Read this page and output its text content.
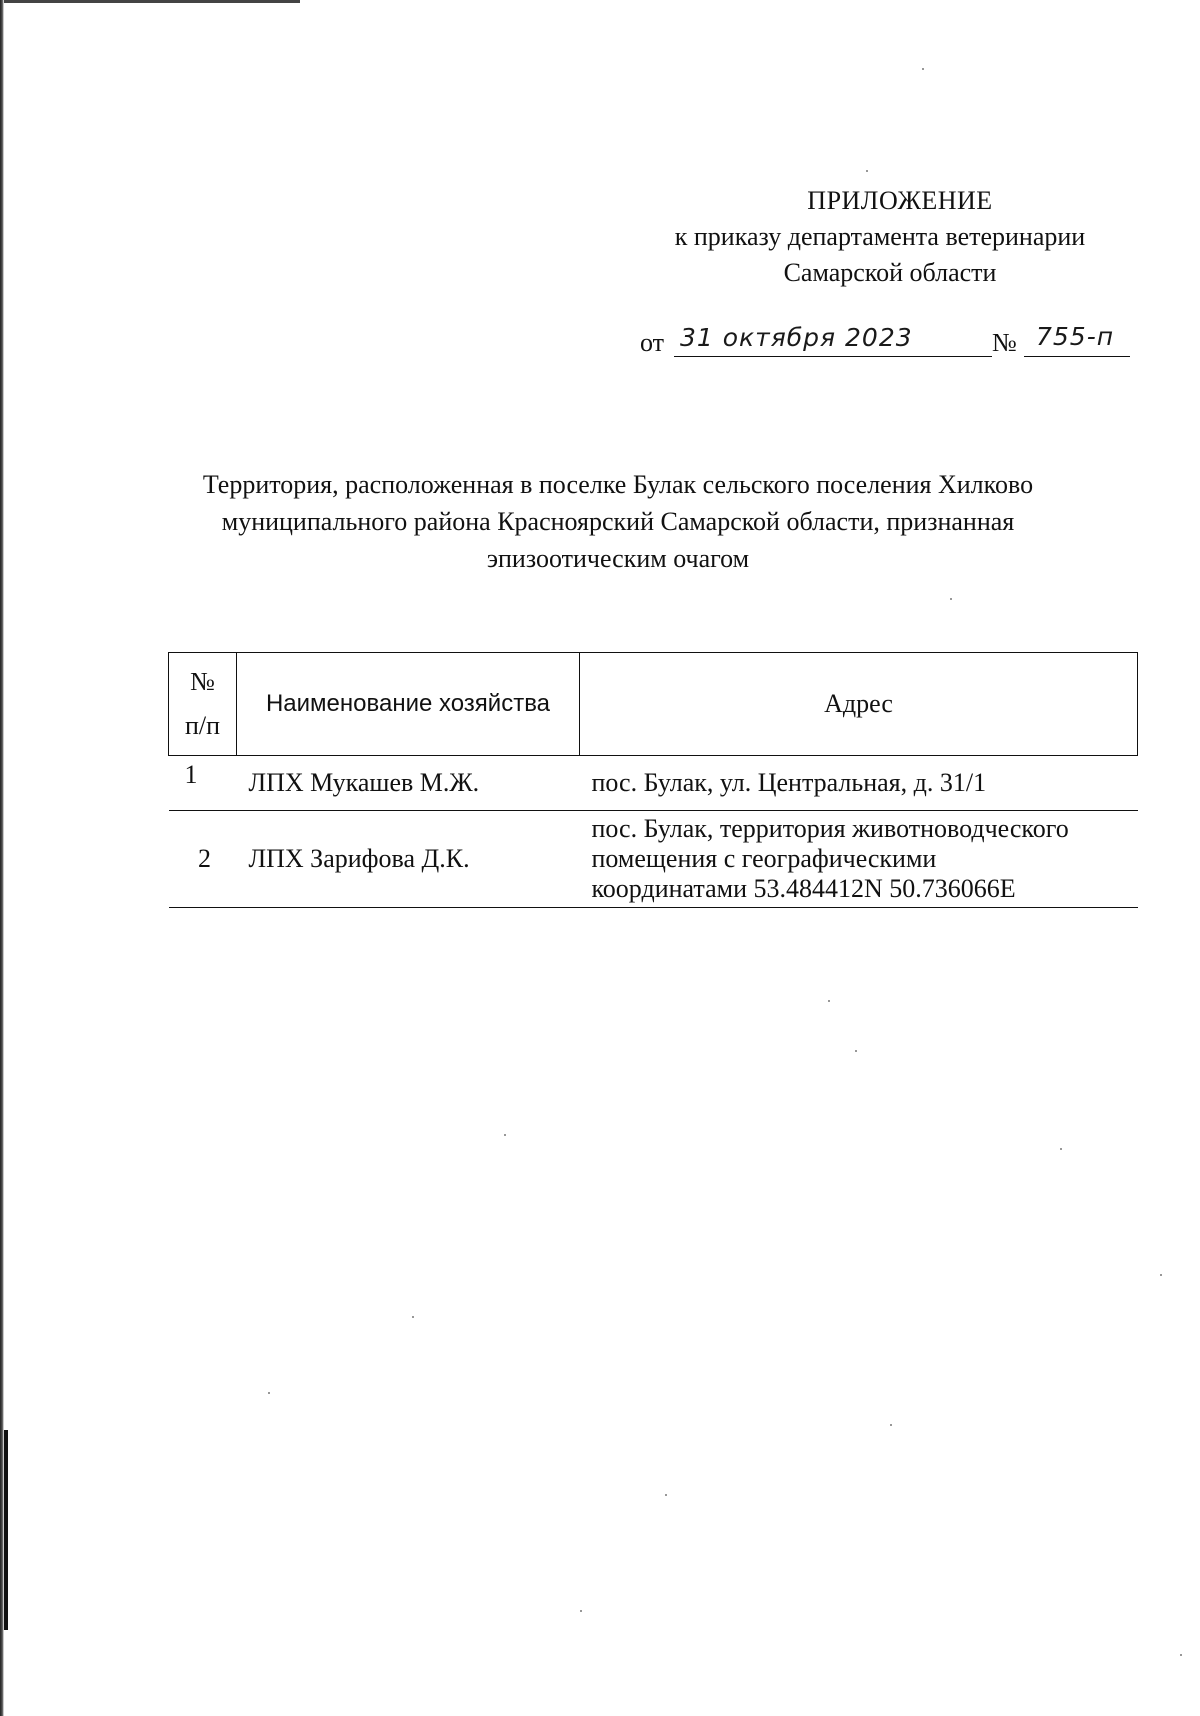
ПРИЛОЖЕНИЕ
к приказу департамента ветеринарии
Самарской области
от 31 октября 2023	№ 755-п
Территория, расположенная в поселке Булак сельского поселения Хилково
муниципального района Красноярский Самарской области, признанная
эпизоотическим очагом
№
п/п	Наименование хозяйства	Адрес
1	ЛПХ Мукашев М.Ж.	пос. Булак, ул. Центральная, д. 31/1

2	ЛПХ Зарифова Д.К.	пос. Булак, территория животноводческого
помещения с географическими
координатами 53.484412N 50.736066E
